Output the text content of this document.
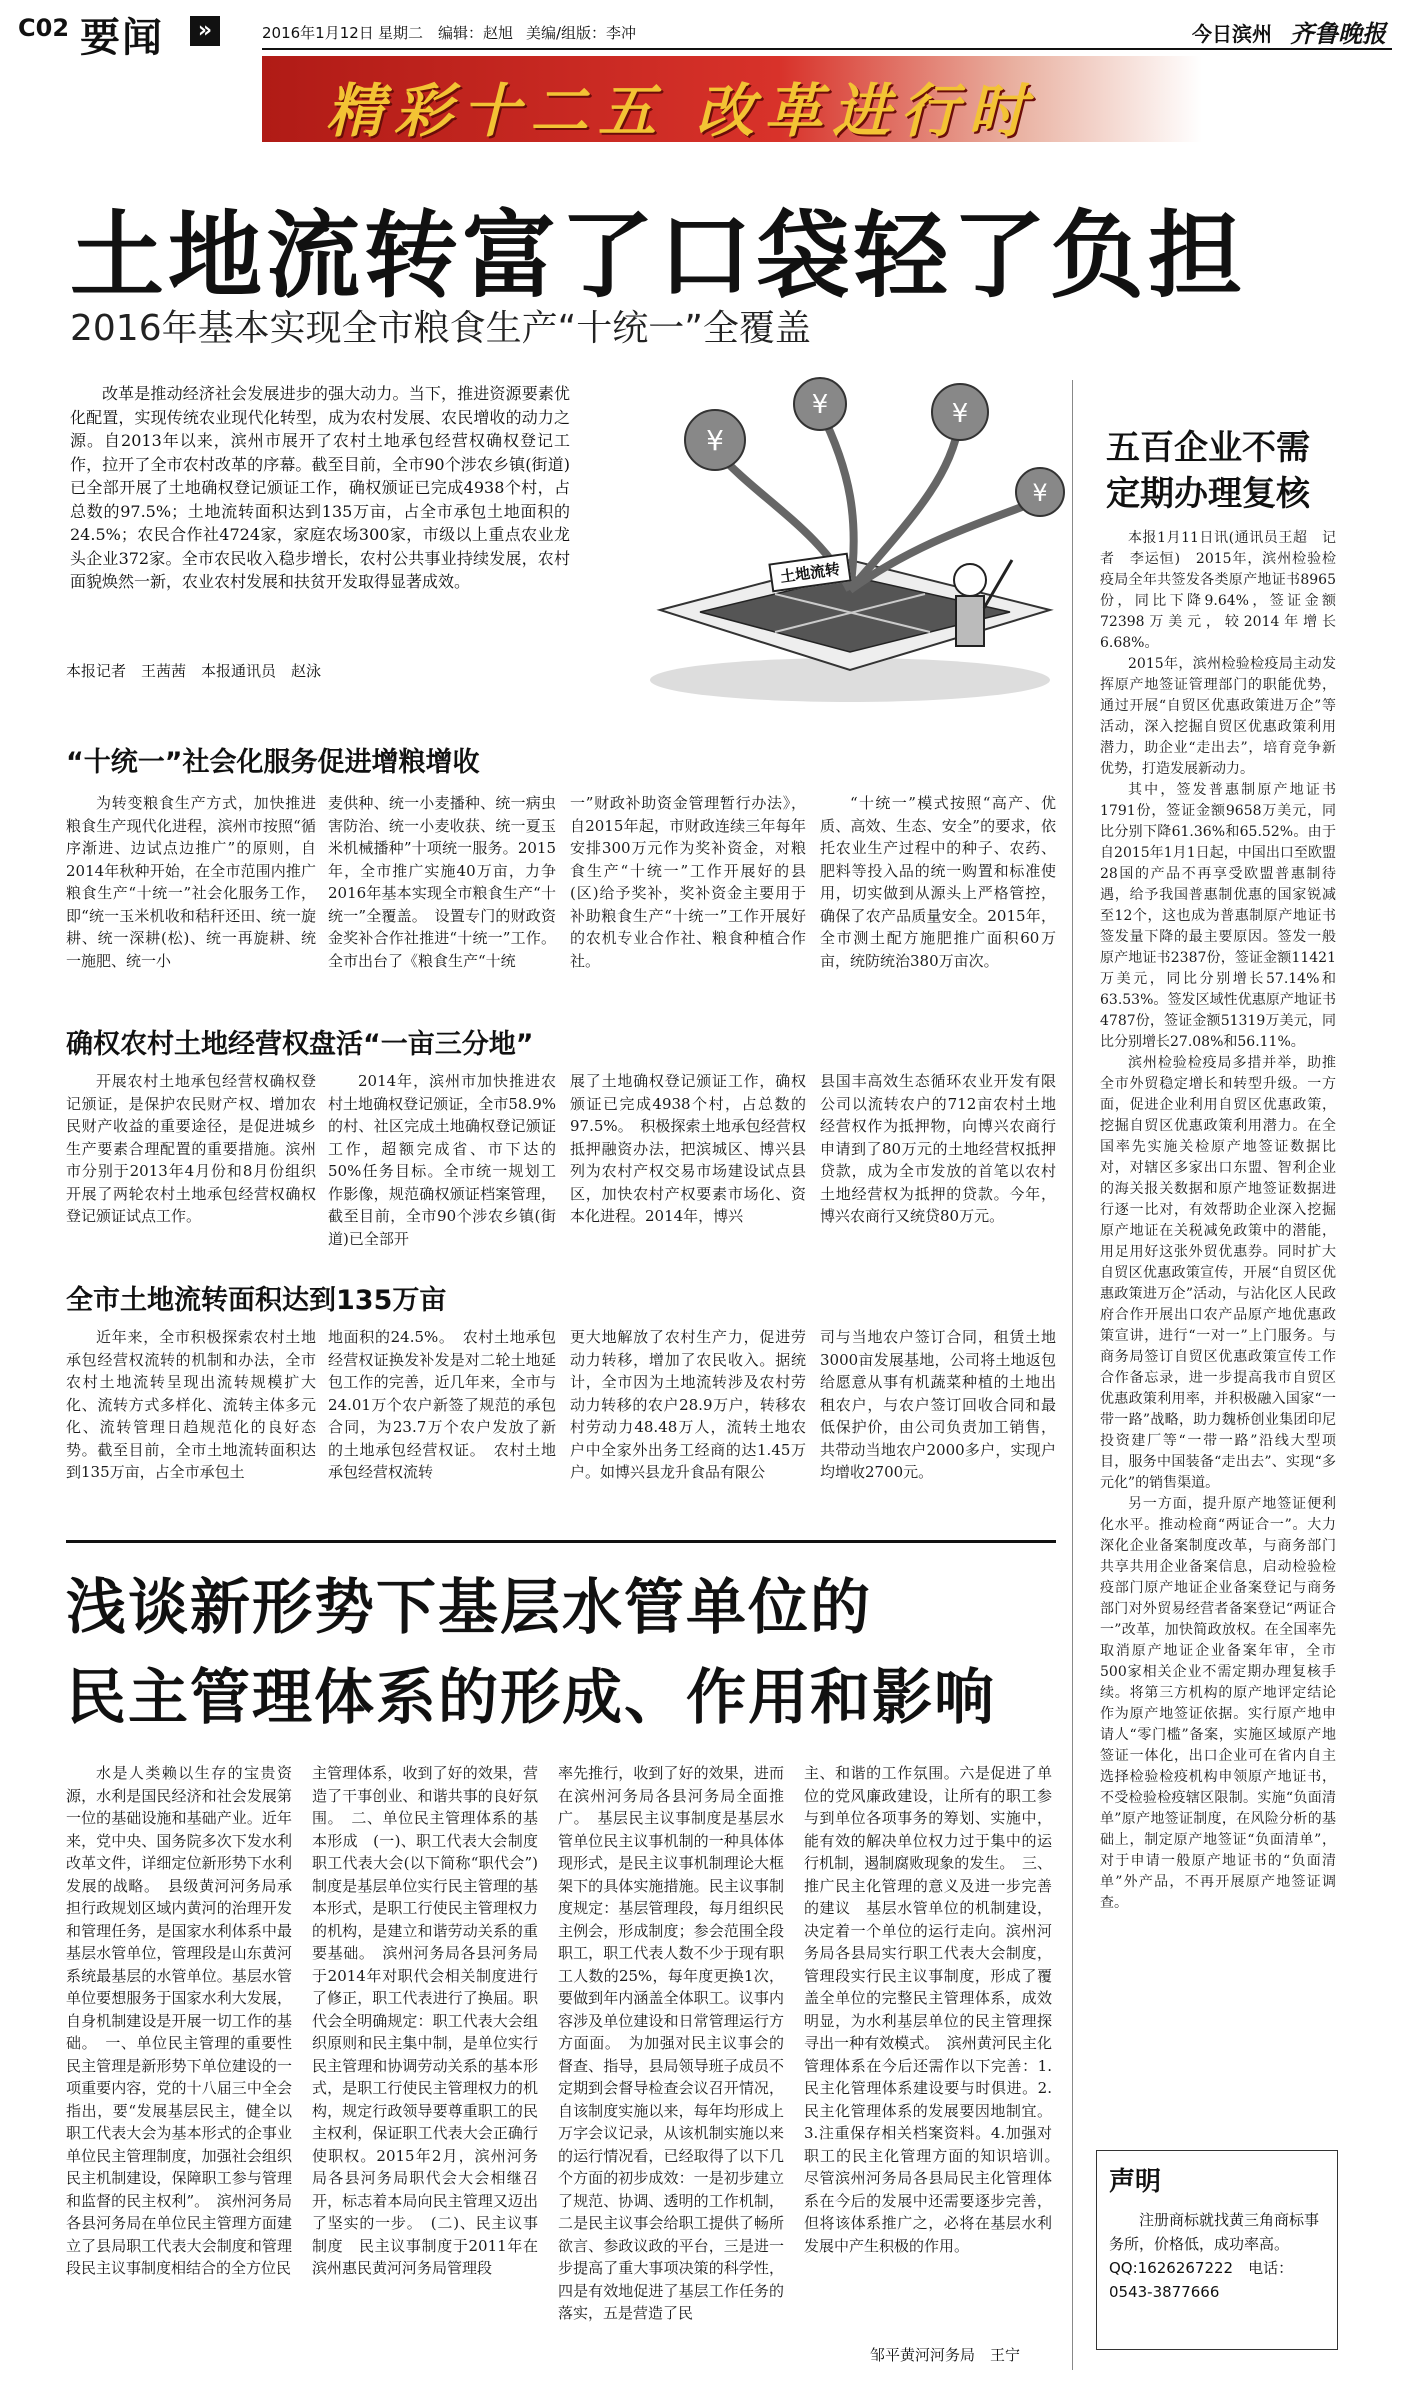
C02 要闻	»	2016年1月12日 星期二 编辑：赵旭 美编/组版：李冲	今日滨州 齐鲁晚报
精彩十二五 改革进行时
土地流转富了口袋轻了负担
2016年基本实现全市粮食生产“十统一”全覆盖

改革是推动经济社会发展进步的强大动力。当下，推进资源要素优化配置，实现传统农业现代化转型，成为农村发展、农民增收的动力之源。自2013年以来，滨州市展开了农村土地承包经营权确权登记工作，拉开了全市农村改革的序幕。截至目前，全市90个涉农乡镇(街道)已全部开展了土地确权登记颁证工作，确权颁证已完成4938个村，占总数的97.5%；土地流转面积达到135万亩，占全市承包土地面积的24.5%；农民合作社4724家，家庭农场300家，市级以上重点农业龙头企业372家。全市农民收入稳步增长，农村公共事业持续发展，农村面貌焕然一新，农业农村发展和扶贫开发取得显著成效。

本报记者　王茜茜　本报通讯员　赵泳
¥
¥	¥
¥
土地流转
“十统一”社会化服务促进增粮增收

为转变粮食生产方式，加快推进粮食生产现代化进程，滨州市按照“循序渐进、边试点边推广”的原则，自2014年秋种开始，在全市范围内推广粮食生产“十统一”社会化服务工作，即“统一玉米机收和秸秆还田、统一旋耕、统一深耕(松)、统一再旋耕、统一施肥、统一小

麦供种、统一小麦播种、统一病虫害防治、统一小麦收获、统一夏玉米机械播种”十项统一服务。2015年，全市推广实施40万亩，力争2016年基本实现全市粮食生产“十统一”全覆盖。　设置专门的财政资金奖补合作社推进“十统一”工作。全市出台了《粮食生产“十统

一”财政补助资金管理暂行办法》，自2015年起，市财政连续三年每年安排300万元作为奖补资金，对粮食生产“十统一”工作开展好的县(区)给予奖补，奖补资金主要用于补助粮食生产“十统一”工作开展好的农机专业合作社、粮食种植合作社。

“十统一”模式按照“高产、优质、高效、生态、安全”的要求，依托农业生产过程中的种子、农药、肥料等投入品的统一购置和标准使用，切实做到从源头上严格管控，确保了农产品质量安全。2015年，全市测土配方施肥推广面积60万亩，统防统治380万亩次。

确权农村土地经营权盘活“一亩三分地”

开展农村土地承包经营权确权登记颁证，是保护农民财产权、增加农民财产收益的重要途径，是促进城乡生产要素合理配置的重要措施。滨州市分别于2013年4月份和8月份组织开展了两轮农村土地承包经营权确权登记颁证试点工作。

2014年，滨州市加快推进农村土地确权登记颁证，全市58.9%的村、社区完成土地确权登记颁证工作，超额完成省、市下达的50%任务目标。全市统一规划工作影像，规范确权颁证档案管理，截至目前，全市90个涉农乡镇(街道)已全部开

展了土地确权登记颁证工作，确权颁证已完成4938个村，占总数的97.5%。　积极探索土地承包经营权抵押融资办法，把滨城区、博兴县列为农村产权交易市场建设试点县区，加快农村产权要素市场化、资本化进程。2014年，博兴

县国丰高效生态循环农业开发有限公司以流转农户的712亩农村土地经营权作为抵押物，向博兴农商行申请到了80万元的土地经营权抵押贷款，成为全市发放的首笔以农村土地经营权为抵押的贷款。今年，博兴农商行又统贷80万元。

全市土地流转面积达到135万亩

近年来，全市积极探索农村土地承包经营权流转的机制和办法，全市农村土地流转呈现出流转规模扩大化、流转方式多样化、流转主体多元化、流转管理日趋规范化的良好态势。截至目前，全市土地流转面积达到135万亩，占全市承包土

地面积的24.5%。　农村土地承包经营权证换发补发是对二轮土地延包工作的完善，近几年来，全市与24.01万个农户新签了规范的承包合同，为23.7万个农户发放了新的土地承包经营权证。　农村土地承包经营权流转

更大地解放了农村生产力，促进劳动力转移，增加了农民收入。据统计，全市因为土地流转涉及农村劳动力转移的农户28.9万户，转移农村劳动力48.48万人，流转土地农户中全家外出务工经商的达1.45万户。如博兴县龙升食品有限公

司与当地农户签订合同，租赁土地3000亩发展基地，公司将土地返包给愿意从事有机蔬菜种植的土地出租农户，与农户签订回收合同和最低保护价，由公司负责加工销售，共带动当地农户2000多户，实现户均增收2700元。

浅谈新形势下基层水管单位的
民主管理体系的形成、作用和影响

水是人类赖以生存的宝贵资源，水利是国民经济和社会发展第一位的基础设施和基础产业。近年来，党中央、国务院多次下发水利改革文件，详细定位新形势下水利发展的战略。　县级黄河河务局承担行政规划区域内黄河的治理开发和管理任务，是国家水利体系中最基层水管单位，管理段是山东黄河系统最基层的水管单位。基层水管单位要想服务于国家水利大发展，自身机制建设是开展一切工作的基础。　一、单位民主管理的重要性　民主管理是新形势下单位建设的一项重要内容，党的十八届三中全会指出，要“发展基层民主，健全以职工代表大会为基本形式的企事业单位民主管理制度，加强社会组织民主机制建设，保障职工参与管理和监督的民主权利”。　滨州河务局各县河务局在单位民主管理方面建立了县局职工代表大会制度和管理段民主议事制度相结合的全方位民

主管理体系，收到了好的效果，营造了干事创业、和谐共事的良好氛围。　二、单位民主管理体系的基本形成　(一)、职工代表大会制度　职工代表大会(以下简称“职代会”)制度是基层单位实行民主管理的基本形式，是职工行使民主管理权力的机构，是建立和谐劳动关系的重要基础。　滨州河务局各县河务局于2014年对职代会相关制度进行了修正，职工代表进行了换届。职代会全明确规定：职工代表大会组织原则和民主集中制，是单位实行民主管理和协调劳动关系的基本形式，是职工行使民主管理权力的机构，规定行政领导要尊重职工的民主权利，保证职工代表大会正确行使职权。2015年2月，滨州河务局各县河务局职代会大会相继召开，标志着本局向民主管理又迈出了坚实的一步。　(二)、民主议事制度　民主议事制度于2011年在滨州惠民黄河河务局管理段

率先推行，收到了好的效果，进而在滨州河务局各县河务局全面推广。　基层民主议事制度是基层水管单位民主议事机制的一种具体体现形式，是民主议事机制理论大框架下的具体实施措施。民主议事制度规定：基层管理段，每月组织民主例会，形成制度；参会范围全段职工，职工代表人数不少于现有职工人数的25%，每年度更换1次，要做到年内涵盖全体职工。议事内容涉及单位建设和日常管理运行方方面面。　为加强对民主议事会的督查、指导，县局领导班子成员不定期到会督导检查会议召开情况，自该制度实施以来，每年均形成上万字会议记录，从该机制实施以来的运行情况看，已经取得了以下几个方面的初步成效：一是初步建立了规范、协调、透明的工作机制，二是民主议事会给职工提供了畅所欲言、参政议政的平台，三是进一步提高了重大事项决策的科学性，四是有效地促进了基层工作任务的落实，五是营造了民

主、和谐的工作氛围。六是促进了单位的党风廉政建设，让所有的职工参与到单位各项事务的筹划、实施中，能有效的解决单位权力过于集中的运行机制，遏制腐败现象的发生。　三、推广民主化管理的意义及进一步完善的建议　基层水管单位的机制建设，决定着一个单位的运行走向。滨州河务局各县局实行职工代表大会制度，管理段实行民主议事制度，形成了覆盖全单位的完整民主管理体系，成效明显，为水利基层单位的民主管理探寻出一种有效模式。　滨州黄河民主化管理体系在今后还需作以下完善：1.民主化管理体系建设要与时俱进。2.民主化管理体系的发展要因地制宜。3.注重保存相关档案资料。4.加强对职工的民主化管理方面的知识培训。　尽管滨州河务局各县局民主化管理体系在今后的发展中还需要逐步完善，但将该体系推广之，必将在基层水利发展中产生积极的作用。

邹平黄河河务局　王宁
五百企业不需
定期办理复核

本报1月11日讯(通讯员王超　记者　李运恒)　2015年，滨州检验检疫局全年共签发各类原产地证书8965份，同比下降9.64%，签证金额72398万美元，较2014年增长6.68%。

2015年，滨州检验检疫局主动发挥原产地签证管理部门的职能优势，通过开展“自贸区优惠政策进万企”等活动，深入挖掘自贸区优惠政策利用潜力，助企业“走出去”，培育竞争新优势，打造发展新动力。

其中，签发普惠制原产地证书1791份，签证金额9658万美元，同比分别下降61.36%和65.52%。由于自2015年1月1日起，中国出口至欧盟28国的产品不再享受欧盟普惠制待遇，给予我国普惠制优惠的国家锐减至12个，这也成为普惠制原产地证书签发量下降的最主要原因。签发一般原产地证书2387份，签证金额11421万美元，同比分别增长57.14%和63.53%。签发区域性优惠原产地证书4787份，签证金额51319万美元，同比分别增长27.08%和56.11%。

滨州检验检疫局多措并举，助推全市外贸稳定增长和转型升级。一方面，促进企业利用自贸区优惠政策，挖掘自贸区优惠政策利用潜力。在全国率先实施关检原产地签证数据比对，对辖区多家出口东盟、智利企业的海关报关数据和原产地签证数据进行逐一比对，有效帮助企业深入挖掘原产地证在关税减免政策中的潜能，用足用好这张外贸优惠券。同时扩大自贸区优惠政策宣传，开展“自贸区优惠政策进万企”活动，与沾化区人民政府合作开展出口农产品原产地优惠政策宣讲，进行“一对一”上门服务。与商务局签订自贸区优惠政策宣传工作合作备忘录，进一步提高我市自贸区优惠政策利用率，并积极融入国家“一带一路”战略，助力魏桥创业集团印尼投资建厂等“一带一路”沿线大型项目，服务中国装备“走出去”、实现“多元化”的销售渠道。

另一方面，提升原产地签证便利化水平。推动检商“两证合一”。大力深化企业备案制度改革，与商务部门共享共用企业备案信息，启动检验检疫部门原产地证企业备案登记与商务部门对外贸易经营者备案登记“两证合一”改革，加快简政放权。在全国率先取消原产地证企业备案年审，全市500家相关企业不需定期办理复核手续。将第三方机构的原产地评定结论作为原产地签证依据。实行原产地申请人“零门槛”备案，实施区域原产地签证一体化，出口企业可在省内自主选择检验检疫机构申领原产地证书，不受检验检疫辖区限制。实施“负面清单”原产地签证制度，在风险分析的基础上，制定原产地签证“负面清单”，对于申请一般原产地证书的“负面清单”外产品，不再开展原产地签证调查。

声明
注册商标就找黄三角商标事务所，价格低，成功率高。QQ:1626267222　电话：0543-3877666
